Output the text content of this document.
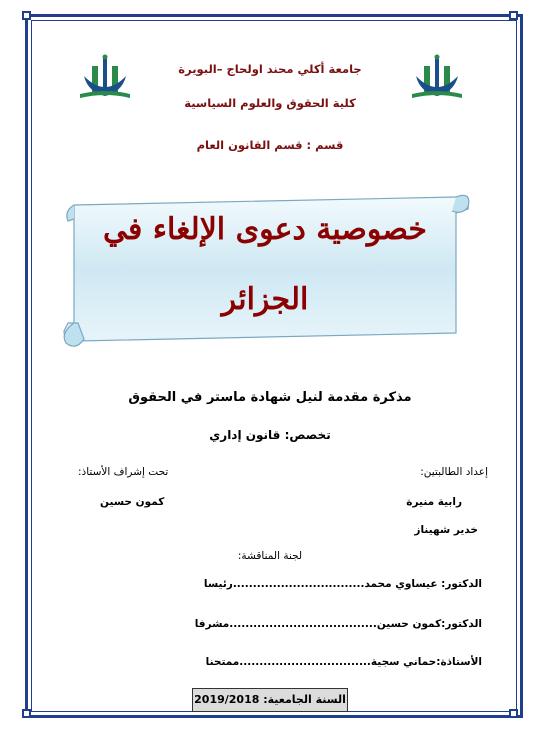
جامعة أكلي محند اولحاج –البويرة
كلية الحقوق والعلوم السياسية
قسم : قسم القانون العام
خصوصية دعوى الإلغاء في
الجزائر
مذكرة مقدمة لنيل شهادة ماستر في الحقوق
تخصص: قانون إداري
إعداد الطالبتين:
تحت إشراف الأستاذ:
رابية منيرة
كمون حسين
خدير شهيناز
لجنة المناقشة:
الدكتور: عيساوي محمد.................................رئيسا
الدكتور:كمون حسين.....................................مشرفا
الأستاذة:حماني سجية.................................ممتحنا
السنة الجامعية: 2019/2018
